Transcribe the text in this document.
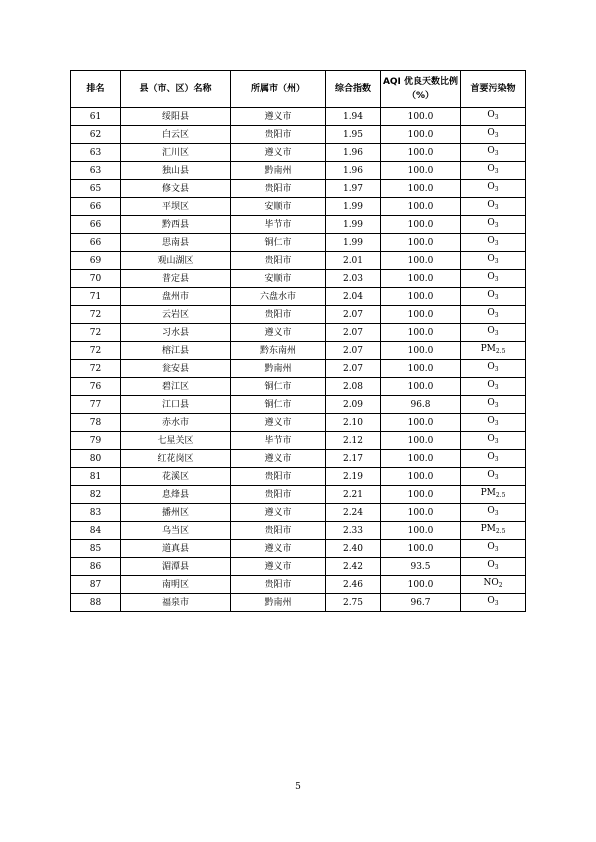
排名	县（市、区）名称	所属市（州）	综合指数	AQI 优良天数比例（%）	首要污染物
61	绥阳县	遵义市	1.94	100.0	$O_3$
62	白云区	贵阳市	1.95	100.0	$O_3$
63	汇川区	遵义市	1.96	100.0	$O_3$
63	独山县	黔南州	1.96	100.0	$O_3$
65	修文县	贵阳市	1.97	100.0	$O_3$
66	平坝区	安顺市	1.99	100.0	$O_3$
66	黔西县	毕节市	1.99	100.0	$O_3$
66	思南县	铜仁市	1.99	100.0	$O_3$
69	观山湖区	贵阳市	2.01	100.0	$O_3$
70	普定县	安顺市	2.03	100.0	$O_3$
71	盘州市	六盘水市	2.04	100.0	$O_3$
72	云岩区	贵阳市	2.07	100.0	$O_3$
72	习水县	遵义市	2.07	100.0	$O_3$
72	榕江县	黔东南州	2.07	100.0	$PM_{2.5}$
72	瓮安县	黔南州	2.07	100.0	$O_3$
76	碧江区	铜仁市	2.08	100.0	$O_3$
77	江口县	铜仁市	2.09	96.8	$O_3$
78	赤水市	遵义市	2.10	100.0	$O_3$
79	七星关区	毕节市	2.12	100.0	$O_3$
80	红花岗区	遵义市	2.17	100.0	$O_3$
81	花溪区	贵阳市	2.19	100.0	$O_3$
82	息烽县	贵阳市	2.21	100.0	$PM_{2.5}$
83	播州区	遵义市	2.24	100.0	$O_3$
84	乌当区	贵阳市	2.33	100.0	$PM_{2.5}$
85	道真县	遵义市	2.40	100.0	$O_3$
86	湄潭县	遵义市	2.42	93.5	$O_3$
87	南明区	贵阳市	2.46	100.0	$NO_2$
88	福泉市	黔南州	2.75	96.7	$O_3$
5
